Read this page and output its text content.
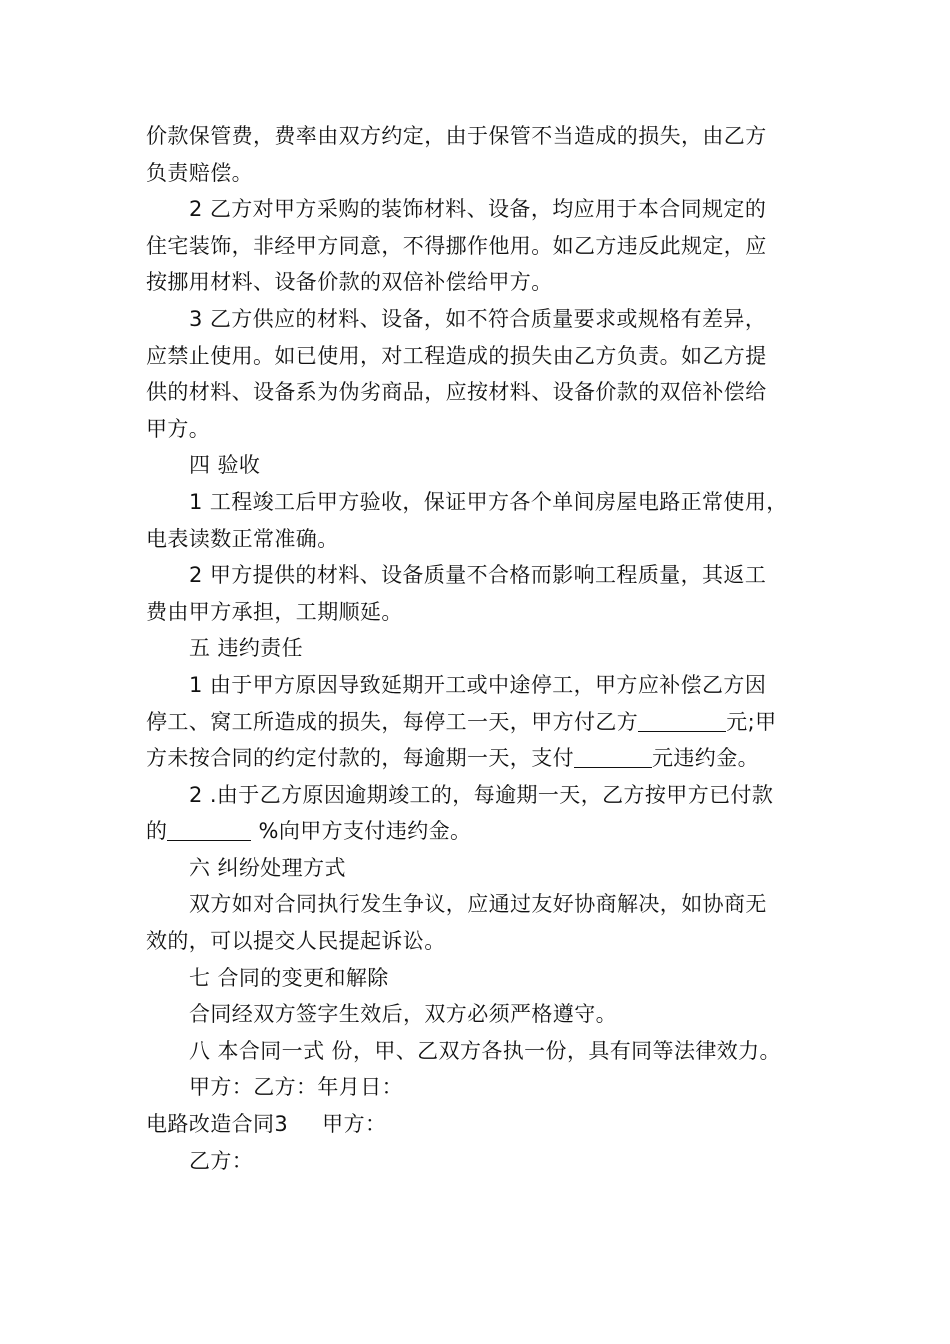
价款保管费，费率由双方约定，由于保管不当造成的损失，由乙方
负责赔偿。
2 乙方对甲方采购的装饰材料、设备，均应用于本合同规定的
住宅装饰，非经甲方同意，不得挪作他用。如乙方违反此规定，应
按挪用材料、设备价款的双倍补偿给甲方。
3 乙方供应的材料、设备，如不符合质量要求或规格有差异，
应禁止使用。如已使用，对工程造成的损失由乙方负责。如乙方提
供的材料、设备系为伪劣商品，应按材料、设备价款的双倍补偿给
甲方。
四 验收
1 工程竣工后甲方验收，保证甲方各个单间房屋电路正常使用，
电表读数正常准确。
2 甲方提供的材料、设备质量不合格而影响工程质量，其返工
费由甲方承担，工期顺延。
五 违约责任
1 由于甲方原因导致延期开工或中途停工，甲方应补偿乙方因
停工、窝工所造成的损失，每停工一天，甲方付乙方	元;甲
方未按合同的约定付款的，每逾期一天，支付	元违约金。
2 .由于乙方原因逾期竣工的，每逾期一天，乙方按甲方已付款
的	%向甲方支付违约金。
六 纠纷处理方式
双方如对合同执行发生争议，应通过友好协商解决，如协商无
效的，可以提交人民提起诉讼。
七 合同的变更和解除
合同经双方签字生效后，双方必须严格遵守。
八 本合同一式 份，甲、乙双方各执一份，具有同等法律效力。
甲方：乙方：年月日：
电路改造合同3 甲方：
乙方：
